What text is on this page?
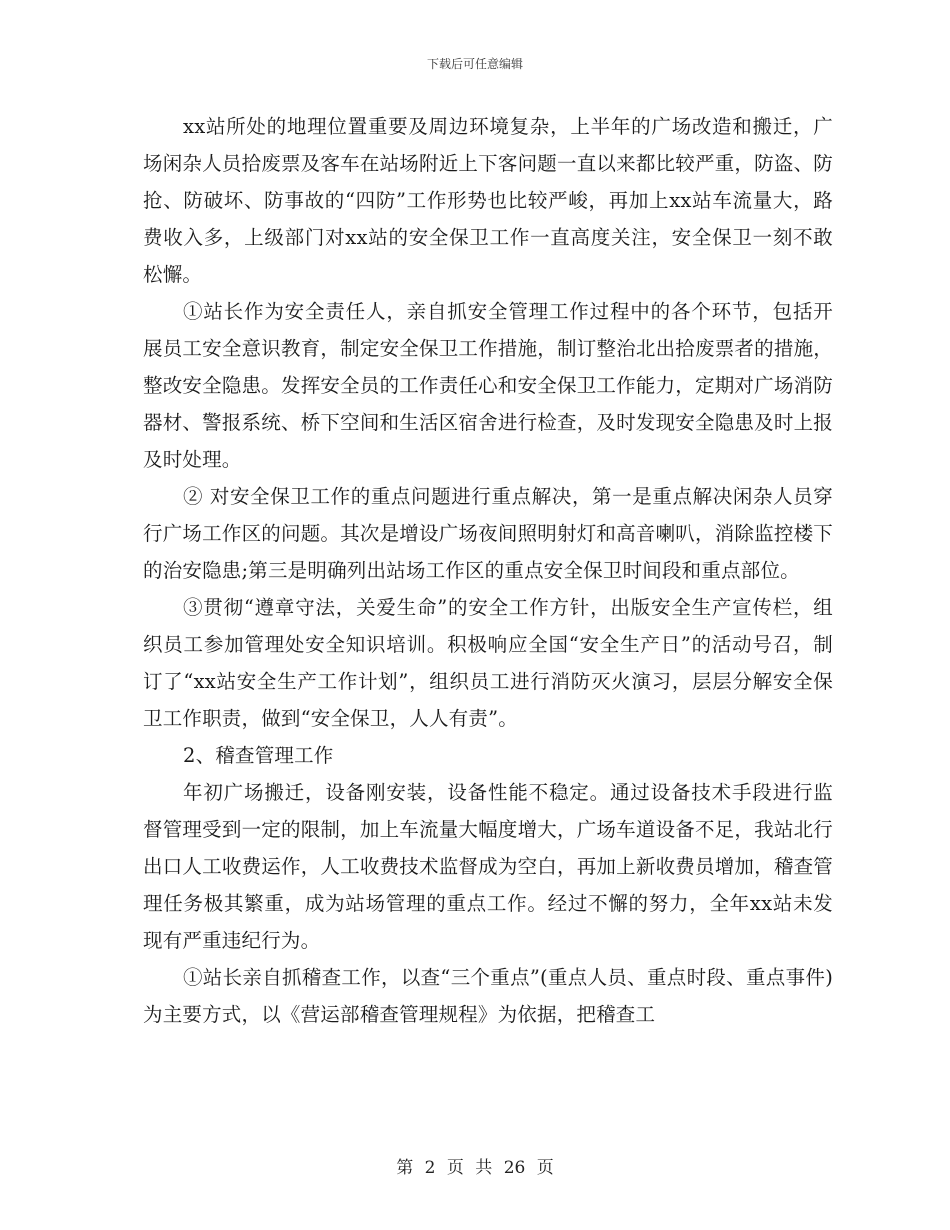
下载后可任意编辑

xx站所处的地理位置重要及周边环境复杂，上半年的广场改造和搬迁，广场闲杂人员拾废票及客车在站场附近上下客问题一直以来都比较严重，防盗、防抢、防破坏、防事故的“四防”工作形势也比较严峻，再加上xx站车流量大，路费收入多，上级部门对xx站的安全保卫工作一直高度关注，安全保卫一刻不敢松懈。

①站长作为安全责任人，亲自抓安全管理工作过程中的各个环节，包括开展员工安全意识教育，制定安全保卫工作措施，制订整治北出拾废票者的措施，整改安全隐患。发挥安全员的工作责任心和安全保卫工作能力，定期对广场消防器材、警报系统、桥下空间和生活区宿舍进行检查，及时发现安全隐患及时上报及时处理。

② 对安全保卫工作的重点问题进行重点解决，第一是重点解决闲杂人员穿行广场工作区的问题。其次是增设广场夜间照明射灯和高音喇叭，消除监控楼下的治安隐患;第三是明确列出站场工作区的重点安全保卫时间段和重点部位。

③贯彻“遵章守法，关爱生命”的安全工作方针，出版安全生产宣传栏，组织员工参加管理处安全知识培训。积极响应全国“安全生产日”的活动号召，制订了“xx站安全生产工作计划”，组织员工进行消防灭火演习，层层分解安全保卫工作职责，做到“安全保卫，人人有责”。

2、稽查管理工作

年初广场搬迁，设备刚安装，设备性能不稳定。通过设备技术手段进行监督管理受到一定的限制，加上车流量大幅度增大，广场车道设备不足，我站北行出口人工收费运作，人工收费技术监督成为空白，再加上新收费员增加，稽查管理任务极其繁重，成为站场管理的重点工作。经过不懈的努力，全年xx站未发现有严重违纪行为。

①站长亲自抓稽查工作，以查“三个重点”(重点人员、重点时段、重点事件)为主要方式，以《营运部稽查管理规程》为依据，把稽查工

第 2 页 共 26 页
